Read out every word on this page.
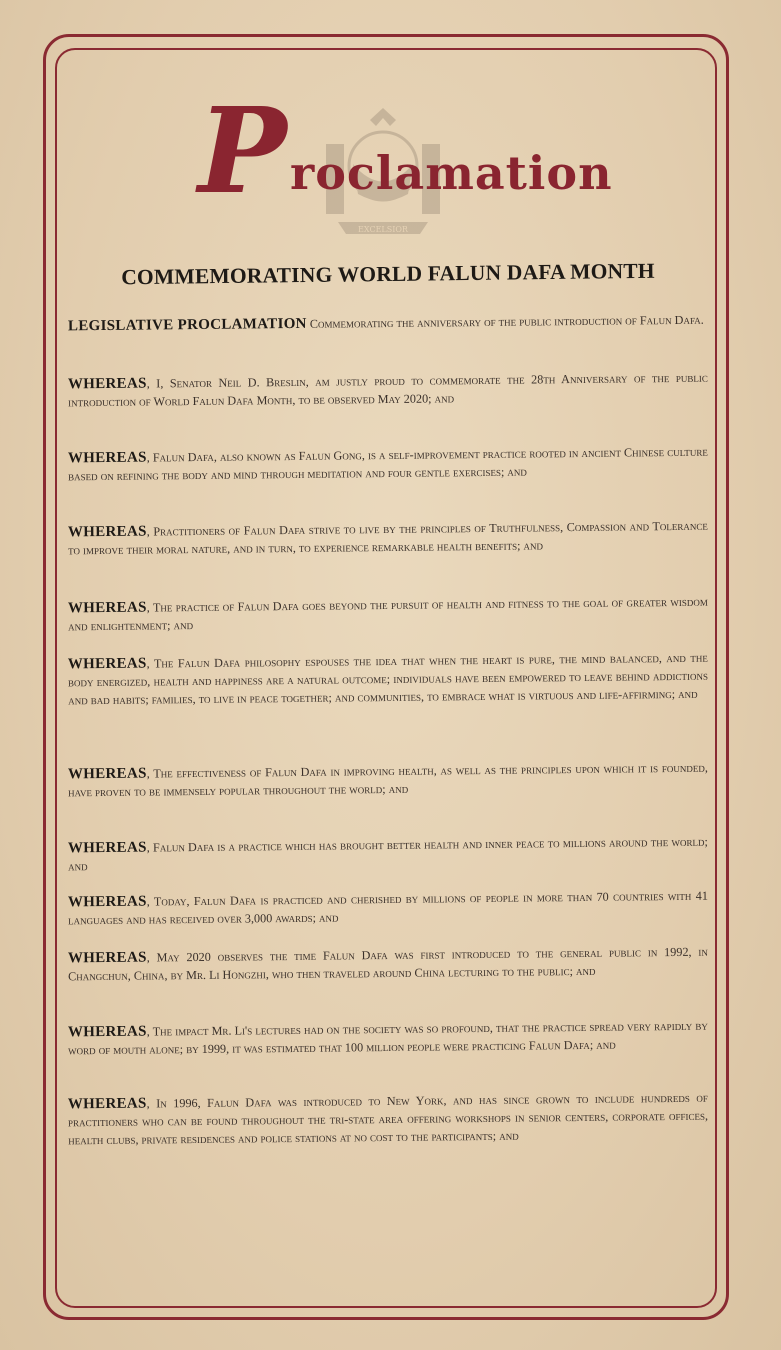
EXCELSIOR
P roclamation
COMMEMORATING WORLD FALUN DAFA MONTH
LEGISLATIVE PROCLAMATION Commemorating the anniversary of the public introduction of Falun Dafa.
WHEREAS, I, Senator Neil D. Breslin, am justly proud to commemorate the 28th Anniversary of the public introduction of World Falun Dafa Month, to be observed May 2020; and
WHEREAS, Falun Dafa, also known as Falun Gong, is a self-improvement practice rooted in ancient Chinese culture based on refining the body and mind through meditation and four gentle exercises; and
WHEREAS, Practitioners of Falun Dafa strive to live by the principles of Truthfulness, Compassion and Tolerance to improve their moral nature, and in turn, to experience remarkable health benefits; and
WHEREAS, The practice of Falun Dafa goes beyond the pursuit of health and fitness to the goal of greater wisdom and enlightenment; and
WHEREAS, The Falun Dafa philosophy espouses the idea that when the heart is pure, the mind balanced, and the body energized, health and happiness are a natural outcome; individuals have been empowered to leave behind addictions and bad habits; families, to live in peace together; and communities, to embrace what is virtuous and life-affirming; and
WHEREAS, The effectiveness of Falun Dafa in improving health, as well as the principles upon which it is founded, have proven to be immensely popular throughout the world; and
WHEREAS, Falun Dafa is a practice which has brought better health and inner peace to millions around the world; and
WHEREAS, Today, Falun Dafa is practiced and cherished by millions of people in more than 70 countries with 41 languages and has received over 3,000 awards; and
WHEREAS, May 2020 observes the time Falun Dafa was first introduced to the general public in 1992, in Changchun, China, by Mr. Li Hongzhi, who then traveled around China lecturing to the public; and
WHEREAS, The impact Mr. Li's lectures had on the society was so profound, that the practice spread very rapidly by word of mouth alone; by 1999, it was estimated that 100 million people were practicing Falun Dafa; and
WHEREAS, In 1996, Falun Dafa was introduced to New York, and has since grown to include hundreds of practitioners who can be found throughout the tri-state area offering workshops in senior centers, corporate offices, health clubs, private residences and police stations at no cost to the participants; and
